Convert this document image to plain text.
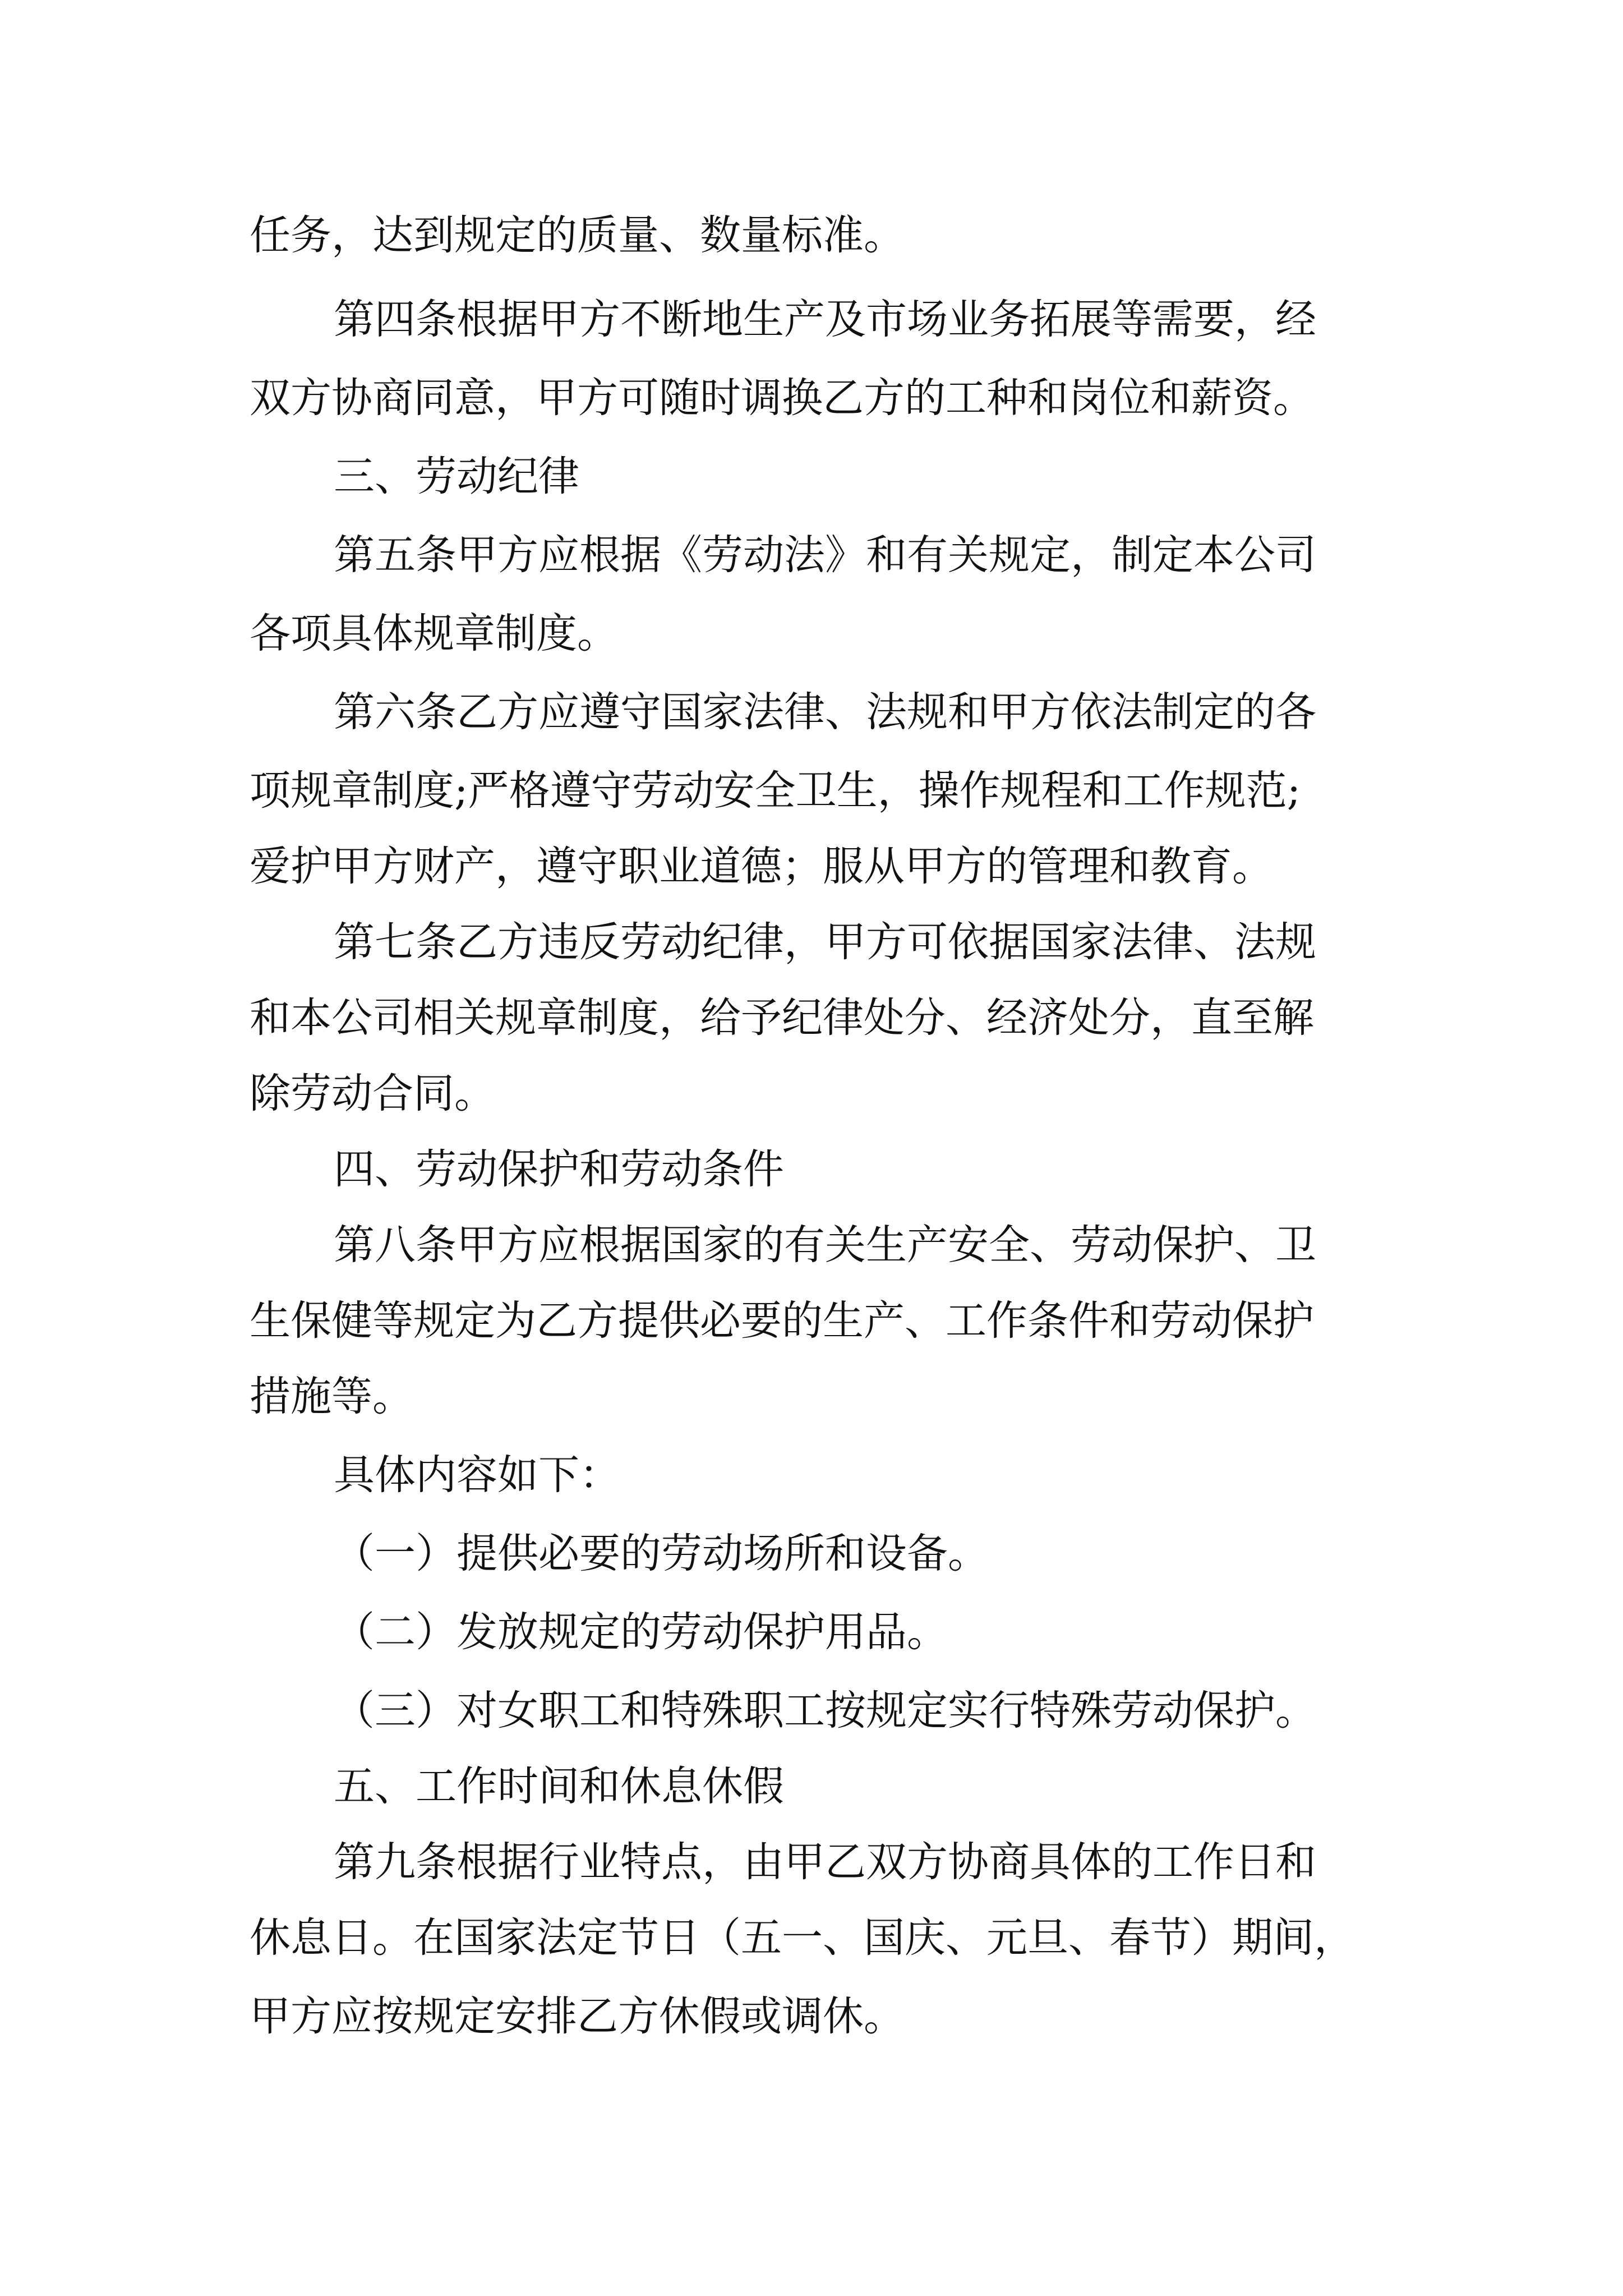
任务，达到规定的质量、数量标准。
第四条根据甲方不断地生产及市场业务拓展等需要，经
双方协商同意，甲方可随时调换乙方的工种和岗位和薪资。
三、劳动纪律
第五条甲方应根据《劳动法》和有关规定，制定本公司
各项具体规章制度。
第六条乙方应遵守国家法律、法规和甲方依法制定的各
项规章制度;严格遵守劳动安全卫生，操作规程和工作规范;
爱护甲方财产，遵守职业道德；服从甲方的管理和教育。
第七条乙方违反劳动纪律，甲方可依据国家法律、法规
和本公司相关规章制度，给予纪律处分、经济处分，直至解
除劳动合同。
四、劳动保护和劳动条件
第八条甲方应根据国家的有关生产安全、劳动保护、卫
生保健等规定为乙方提供必要的生产、工作条件和劳动保护
措施等。
具体内容如下：
（一）提供必要的劳动场所和设备。
（二）发放规定的劳动保护用品。
（三）对女职工和特殊职工按规定实行特殊劳动保护。
五、工作时间和休息休假
第九条根据行业特点，由甲乙双方协商具体的工作日和
休息日。在国家法定节日（五一、国庆、元旦、春节）期间，
甲方应按规定安排乙方休假或调休。
